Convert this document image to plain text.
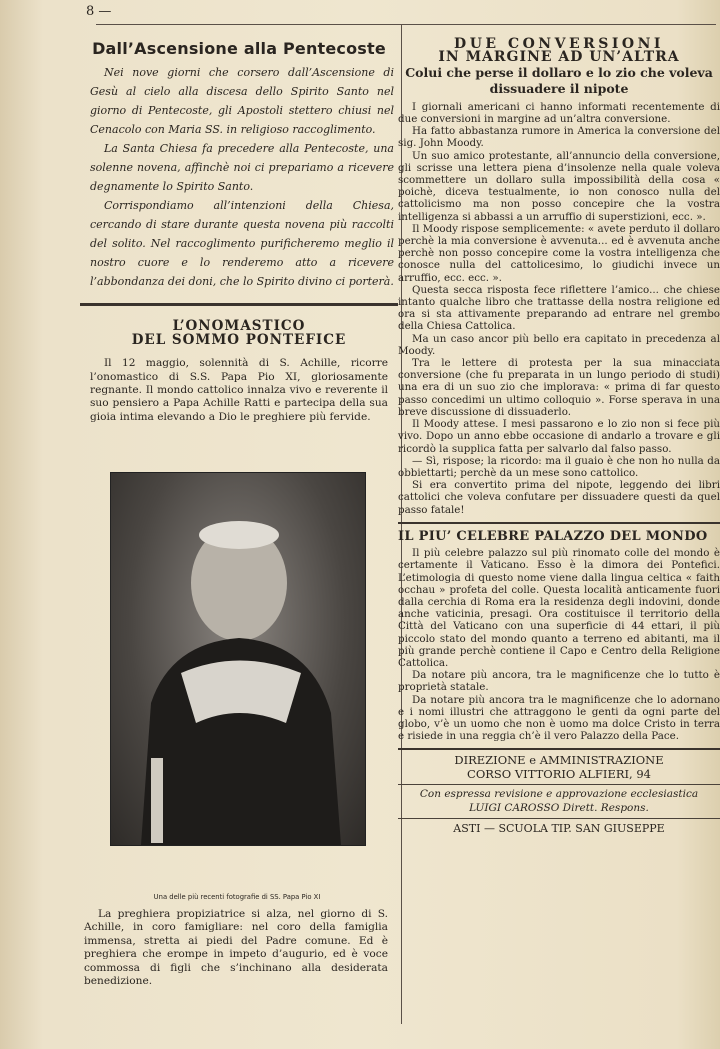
8 —
Dall’Ascensione alla Pentecoste

Nei nove giorni che corsero dall’Ascensione di Gesù al cielo alla discesa dello Spirito Santo nel giorno di Pentecoste, gli Apostoli stettero chiusi nel Cenacolo con Maria SS. in religioso raccoglimento.

La Santa Chiesa fa precedere alla Pentecoste, una solenne novena, affinchè noi ci prepariamo a ricevere degnamente lo Spirito Santo.

Corrispondiamo all’intenzioni della Chiesa, cercando di stare durante questa novena più raccolti del solito. Nel raccoglimento purificheremo meglio il nostro cuore e lo renderemo atto a ricevere l’abbondanza dei doni, che lo Spirito divino ci porterà.

L’ONOMASTICO
DEL SOMMO PONTEFICE

Il 12 maggio, solennità di S. Achille, ricorre l’onomastico di S.S. Papa Pio XI, gloriosamente regnante. Il mondo cattolico innalza vivo e reverente il suo pensiero a Papa Achille Ratti e partecipa della sua gioia intima elevando a Dio le preghiere più fervide.

Una delle più recenti fotografie di SS. Papa Pio XI

La preghiera propiziatrice si alza, nel giorno di S. Achille, in coro famigliare: nel coro della famiglia immensa, stretta ai piedi del Padre comune. Ed è preghiera che erompe in impeto d’augurio, ed è voce commossa di figli che s’inchinano alla desiderata benedizione.

DUE CONVERSIONI
IN MARGINE AD UN’ALTRA
Colui che perse il dollaro e lo zio che voleva dissuadere il nipote

I giornali americani ci hanno informati recentemente di due conversioni in margine ad un’altra conversione.

Ha fatto abbastanza rumore in America la conversione del sig. John Moody.

Un suo amico protestante, all’annuncio della conversione, gli scrisse una lettera piena d’insolenze nella quale voleva scommettere un dollaro sulla impossibilità della cosa « poichè, diceva testualmente, io non conosco nulla del cattolicismo ma non posso concepire che la vostra intelligenza si abbassi a un arruffio di superstizioni, ecc. ».

Il Moody rispose semplicemente: « avete perduto il dollaro perchè la mia conversione è avvenuta... ed è avvenuta anche perchè non posso concepire come la vostra intelligenza che conosce nulla del cattolicesimo, lo giudichi invece un arruffio, ecc. ecc. ».

Questa secca risposta fece riflettere l’amico... che chiese intanto qualche libro che trattasse della nostra religione ed ora si sta attivamente preparando ad entrare nel grembo della Chiesa Cattolica.

Ma un caso ancor più bello era capitato in precedenza al Moody.

Tra le lettere di protesta per la sua minacciata conversione (che fu preparata in un lungo periodo di studi) una era di un suo zio che implorava: « prima di far questo passo concedimi un ultimo colloquio ». Forse sperava in una breve discussione di dissuaderlo.

Il Moody attese. I mesi passarono e lo zio non si fece più vivo. Dopo un anno ebbe occasione di andarlo a trovare e gli ricordò la supplica fatta per salvarlo dal falso passo.

— Sì, rispose; la ricordo: ma il guaio è che non ho nulla da obbiettarti; perchè da un mese sono cattolico.

Si era convertito prima del nipote, leggendo dei libri cattolici che voleva confutare per dissuadere questi da quel passo fatale!

IL PIU’ CELEBRE PALAZZO DEL MONDO

Il più celebre palazzo sul più rinomato colle del mondo è certamente il Vaticano. Esso è la dimora dei Pontefici. L’etimologia di questo nome viene dalla lingua celtica « faith occhau » profeta del colle. Questa località anticamente fuori dalla cerchia di Roma era la residenza degli indovini, donde anche vaticinia, presagi. Ora costituisce il territorio della Città del Vaticano con una superficie di 44 ettari, il più piccolo stato del mondo quanto a terreno ed abitanti, ma il più grande perchè contiene il Capo e Centro della Religione Cattolica.

Da notare più ancora, tra le magnificenze che lo tutto è proprietà statale.

Da notare più ancora tra le magnificenze che lo adornano e i nomi illustri che attraggono le genti da ogni parte del globo, v’è un uomo che non è uomo ma dolce Cristo in terra e risiede in una reggia ch’è il vero Palazzo della Pace.

DIREZIONE e AMMINISTRAZIONE
CORSO VITTORIO ALFIERI, 94
Con espressa revisione e approvazione ecclesiastica
LUIGI CAROSSO Dirett. Respons.
ASTI — SCUOLA TIP. SAN GIUSEPPE
